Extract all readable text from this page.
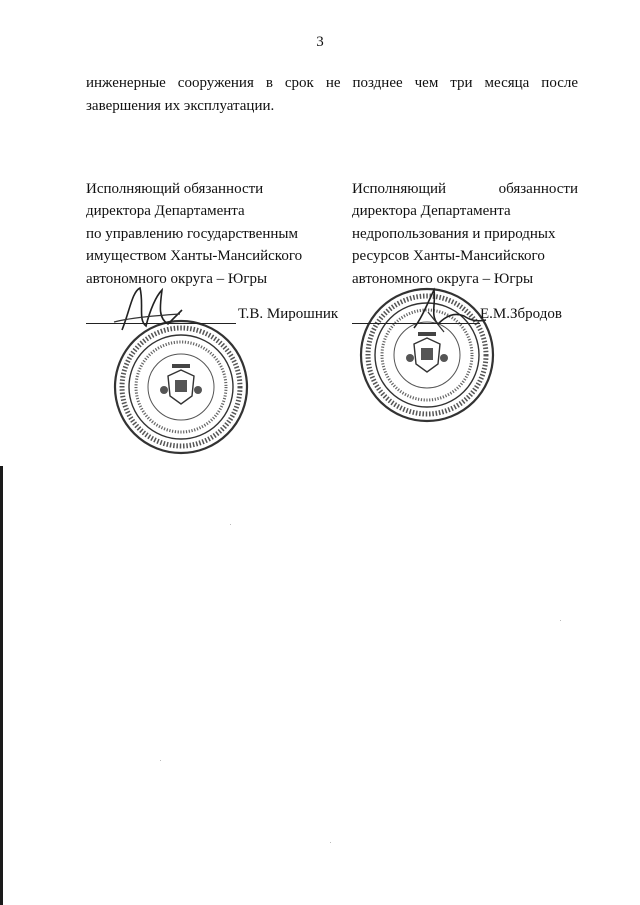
3
инженерные сооружения в срок не позднее чем три месяца после
завершения их эксплуатации.
Исполняющий обязанности
директора Департамента
по управлению государственным
имуществом Ханты-Мансийского
автономного округа – Югры
Исполняющий обязанности
директора Департамента
недропользования и природных
ресурсов Ханты-Мансийского
автономного округа – Югры
Т.В. Мирошник	Е.М.Збродов
